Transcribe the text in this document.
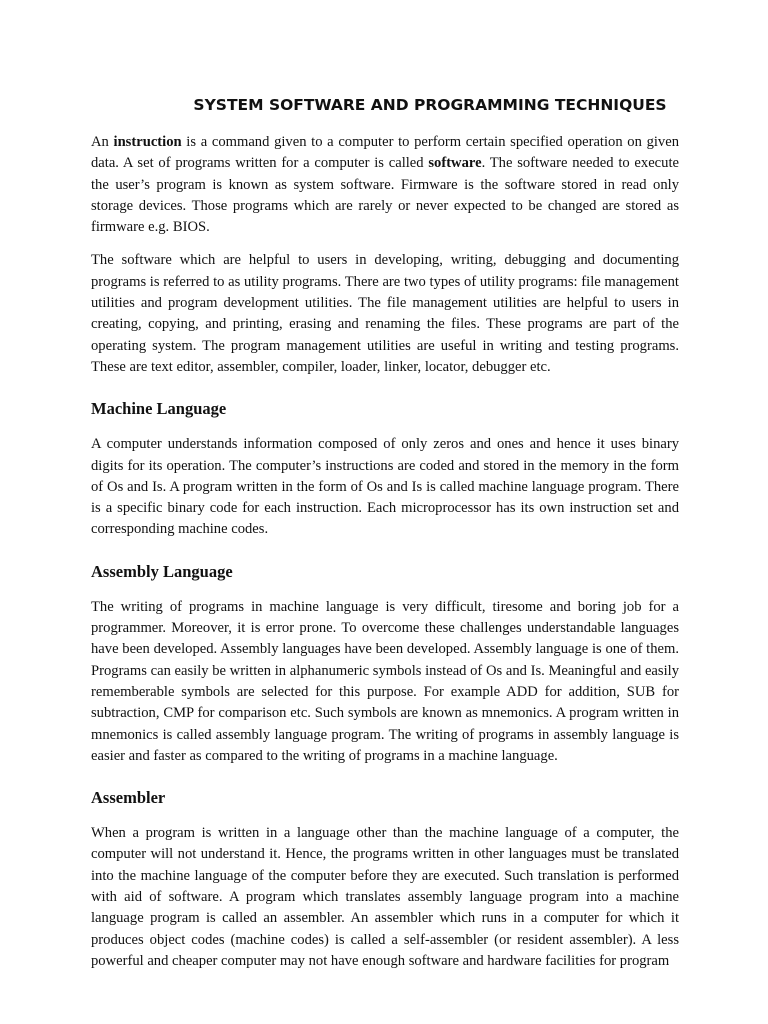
SYSTEM SOFTWARE AND PROGRAMMING TECHNIQUES

An instruction is a command given to a computer to perform certain specified operation on given data. A set of programs written for a computer is called software. The software needed to execute the user’s program is known as system software. Firmware is the software stored in read only storage devices. Those programs which are rarely or never expected to be changed are stored as firmware e.g. BIOS.

The software which are helpful to users in developing, writing, debugging and documenting programs is referred to as utility programs. There are two types of utility programs: file management utilities and program development utilities. The file management utilities are helpful to users in creating, copying, and printing, erasing and renaming the files. These programs are part of the operating system. The program management utilities are useful in writing and testing programs. These are text editor, assembler, compiler, loader, linker, locator, debugger etc.

Machine Language

A computer understands information composed of only zeros and ones and hence it uses binary digits for its operation. The computer’s instructions are coded and stored in the memory in the form of Os and Is. A program written in the form of Os and Is is called machine language program. There is a specific binary code for each instruction. Each microprocessor has its own instruction set and corresponding machine codes.

Assembly Language

The writing of programs in machine language is very difficult, tiresome and boring job for a programmer. Moreover, it is error prone. To overcome these challenges understandable languages have been developed. Assembly languages have been developed. Assembly language is one of them. Programs can easily be written in alphanumeric symbols instead of Os and Is. Meaningful and easily rememberable symbols are selected for this purpose. For example ADD for addition, SUB for subtraction, CMP for comparison etc. Such symbols are known as mnemonics. A program written in mnemonics is called assembly language program. The writing of programs in assembly language is easier and faster as compared to the writing of programs in a machine language.

Assembler

When a program is written in a language other than the machine language of a computer, the computer will not understand it. Hence, the programs written in other languages must be translated into the machine language of the computer before they are executed. Such translation is performed with aid of software. A program which translates assembly language program into a machine language program is called an assembler. An assembler which runs in a computer for which it produces object codes (machine codes) is called a self-assembler (or resident assembler). A less powerful and cheaper computer may not have enough software and hardware facilities for program
